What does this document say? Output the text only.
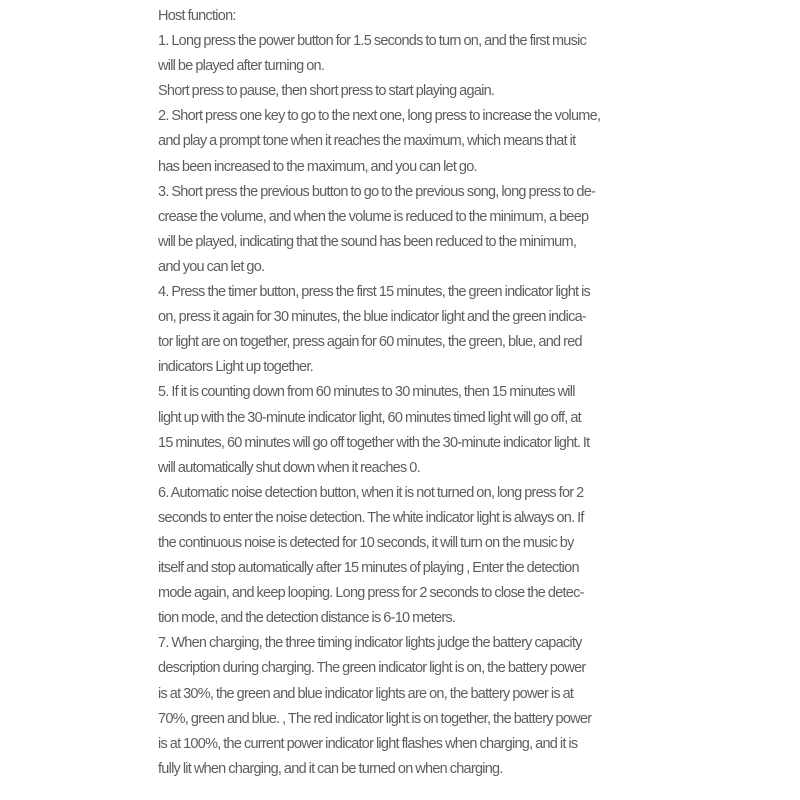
Host function:
1. Long press the power button for 1.5 seconds to turn on, and the first music
will be played after turning on.
Short press to pause, then short press to start playing again.
2. Short press one key to go to the next one, long press to increase the volume,
and play a prompt tone when it reaches the maximum, which means that it
has been increased to the maximum, and you can let go.
3. Short press the previous button to go to the previous song, long press to de-
crease the volume, and when the volume is reduced to the minimum, a beep
will be played, indicating that the sound has been reduced to the minimum,
and you can let go.
4. Press the timer button, press the first 15 minutes, the green indicator light is
on, press it again for 30 minutes, the blue indicator light and the green indica-
tor light are on together, press again for 60 minutes, the green, blue, and red
indicators Light up together.
5. If it is counting down from 60 minutes to 30 minutes, then 15 minutes will
light up with the 30-minute indicator light, 60 minutes timed light will go off, at
15 minutes, 60 minutes will go off together with the 30-minute indicator light. It
will automatically shut down when it reaches 0.
6. Automatic noise detection button, when it is not turned on, long press for 2
seconds to enter the noise detection. The white indicator light is always on. If
the continuous noise is detected for 10 seconds, it will turn on the music by
itself and stop automatically after 15 minutes of playing , Enter the detection
mode again, and keep looping. Long press for 2 seconds to close the detec-
tion mode, and the detection distance is 6-10 meters.
7. When charging, the three timing indicator lights judge the battery capacity
description during charging. The green indicator light is on, the battery power
is at 30%, the green and blue indicator lights are on, the battery power is at
70%, green and blue. , The red indicator light is on together, the battery power
is at 100%, the current power indicator light flashes when charging, and it is
fully lit when charging, and it can be turned on when charging.
